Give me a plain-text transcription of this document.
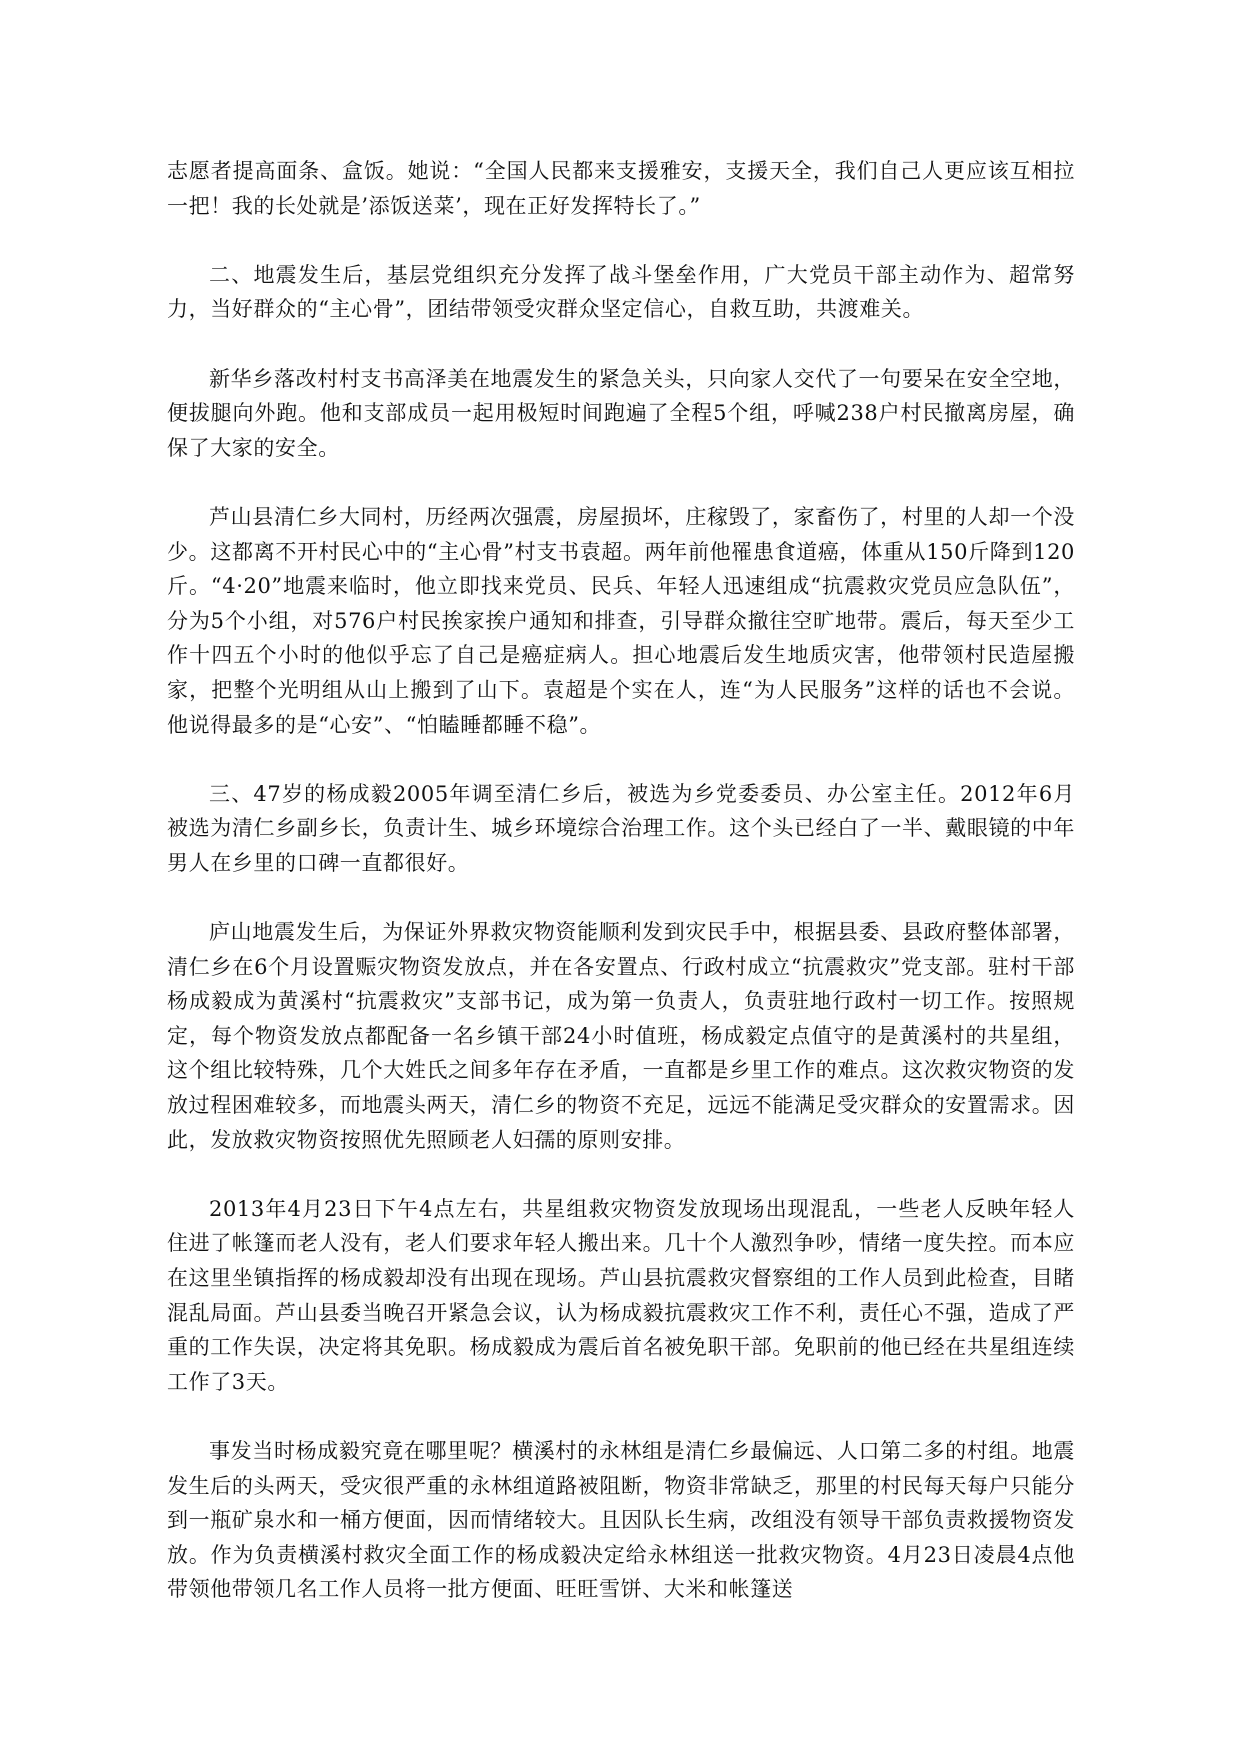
志愿者提高面条、盒饭。她说：“全国人民都来支援雅安，支援天全，我们自己人更应该互相拉一把！我的长处就是’添饭送菜’，现在正好发挥特长了。”

二、地震发生后，基层党组织充分发挥了战斗堡垒作用，广大党员干部主动作为、超常努力，当好群众的“主心骨”，团结带领受灾群众坚定信心，自救互助，共渡难关。

新华乡落改村村支书高泽美在地震发生的紧急关头，只向家人交代了一句要呆在安全空地，便拔腿向外跑。他和支部成员一起用极短时间跑遍了全程5个组，呼喊238户村民撤离房屋，确保了大家的安全。

芦山县清仁乡大同村，历经两次强震，房屋损坏，庄稼毁了，家畜伤了，村里的人却一个没少。这都离不开村民心中的“主心骨”村支书袁超。两年前他罹患食道癌，体重从150斤降到120斤。“4·20”地震来临时，他立即找来党员、民兵、年轻人迅速组成“抗震救灾党员应急队伍”，分为5个小组，对576户村民挨家挨户通知和排查，引导群众撤往空旷地带。震后，每天至少工作十四五个小时的他似乎忘了自己是癌症病人。担心地震后发生地质灾害，他带领村民造屋搬家，把整个光明组从山上搬到了山下。袁超是个实在人，连“为人民服务”这样的话也不会说。他说得最多的是“心安”、“怕瞌睡都睡不稳”。

三、47岁的杨成毅2005年调至清仁乡后，被选为乡党委委员、办公室主任。2012年6月被选为清仁乡副乡长，负责计生、城乡环境综合治理工作。这个头已经白了一半、戴眼镜的中年男人在乡里的口碑一直都很好。

庐山地震发生后，为保证外界救灾物资能顺利发到灾民手中，根据县委、县政府整体部署，清仁乡在6个月设置赈灾物资发放点，并在各安置点、行政村成立“抗震救灾”党支部。驻村干部杨成毅成为黄溪村“抗震救灾”支部书记，成为第一负责人，负责驻地行政村一切工作。按照规定，每个物资发放点都配备一名乡镇干部24小时值班，杨成毅定点值守的是黄溪村的共星组，这个组比较特殊，几个大姓氏之间多年存在矛盾，一直都是乡里工作的难点。这次救灾物资的发放过程困难较多，而地震头两天，清仁乡的物资不充足，远远不能满足受灾群众的安置需求。因此，发放救灾物资按照优先照顾老人妇孺的原则安排。

2013年4月23日下午4点左右，共星组救灾物资发放现场出现混乱，一些老人反映年轻人住进了帐篷而老人没有，老人们要求年轻人搬出来。几十个人激烈争吵，情绪一度失控。而本应在这里坐镇指挥的杨成毅却没有出现在现场。芦山县抗震救灾督察组的工作人员到此检查，目睹混乱局面。芦山县委当晚召开紧急会议，认为杨成毅抗震救灾工作不利，责任心不强，造成了严重的工作失误，决定将其免职。杨成毅成为震后首名被免职干部。免职前的他已经在共星组连续工作了3天。

事发当时杨成毅究竟在哪里呢？横溪村的永林组是清仁乡最偏远、人口第二多的村组。地震发生后的头两天，受灾很严重的永林组道路被阻断，物资非常缺乏，那里的村民每天每户只能分到一瓶矿泉水和一桶方便面，因而情绪较大。且因队长生病，改组没有领导干部负责救援物资发放。作为负责横溪村救灾全面工作的杨成毅决定给永林组送一批救灾物资。4月23日凌晨4点他带领他带领几名工作人员将一批方便面、旺旺雪饼、大米和帐篷送
